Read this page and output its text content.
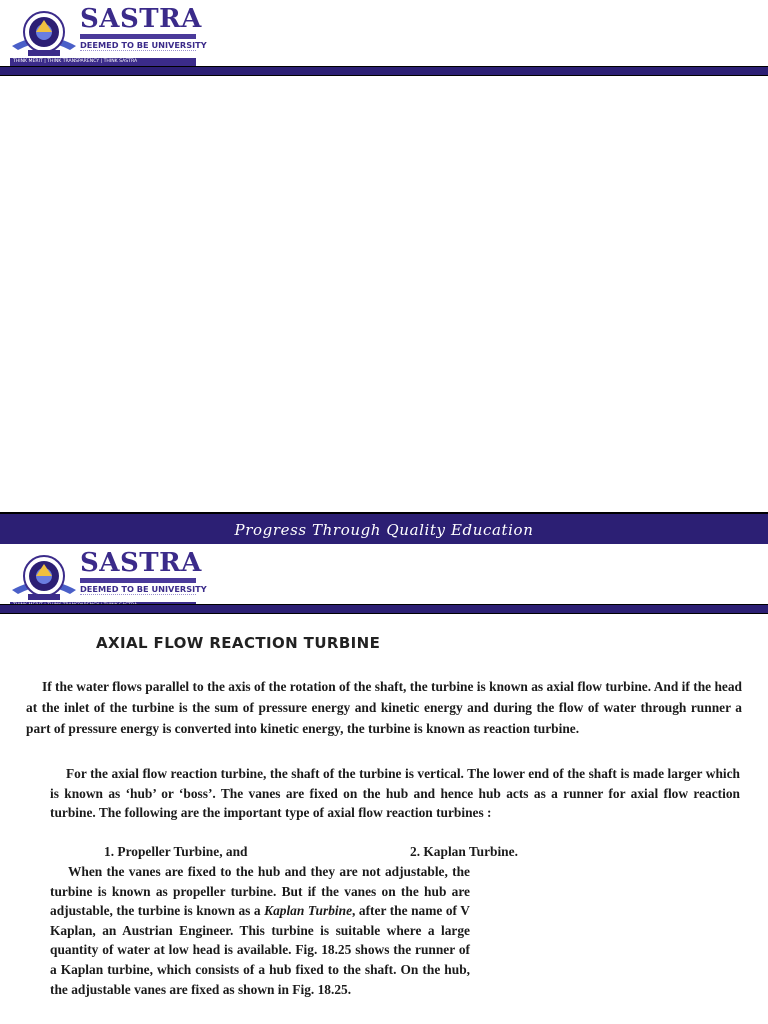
SASTRA
DEEMED TO BE UNIVERSITY
THINK MERIT | THINK TRANSPARENCY | THINK SASTRA
Progress Through Quality Education
SASTRA
DEEMED TO BE UNIVERSITY
AXIAL FLOW REACTION TURBINE

If the water flows parallel to the axis of the rotation of the shaft, the turbine is known as axial flow turbine. And if the head at the inlet of the turbine is the sum of pressure energy and kinetic energy and during the flow of water through runner a part of pressure energy is converted into kinetic energy, the turbine is known as reaction turbine.

For the axial flow reaction turbine, the shaft of the turbine is vertical. The lower end of the shaft is made larger which is known as ‘hub’ or ‘boss’. The vanes are fixed on the hub and hence hub acts as a runner for axial flow reaction turbine. The following are the important type of axial flow reaction turbines :

1. Propeller Turbine, and	2. Kaplan Turbine.

When the vanes are fixed to the hub and they are not adjustable, the turbine is known as propeller turbine. But if the vanes on the hub are adjustable, the turbine is known as a Kaplan Turbine, after the name of V Kaplan, an Austrian Engineer. This turbine is suitable where a large quantity of water at low head is available. Fig. 18.25 shows the runner of a Kaplan turbine, which consists of a hub fixed to the shaft. On the hub, the adjustable vanes are fixed as shown in Fig. 18.25.
